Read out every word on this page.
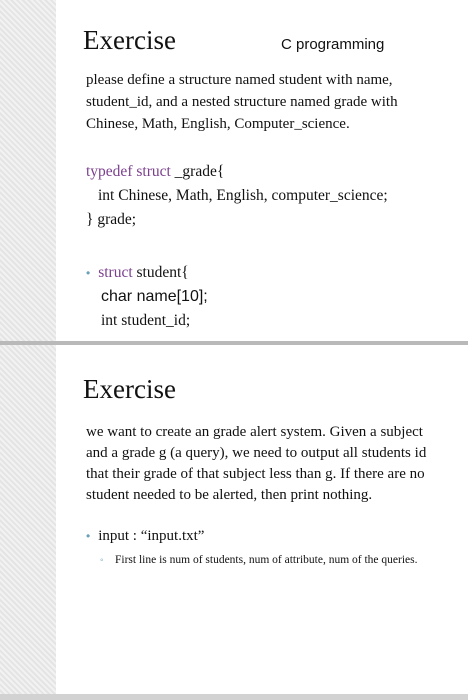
Exercise	C programming
please define a structure named student with name, student_id, and a nested structure named grade with Chinese, Math, English, Computer_science.
typedef struct _grade{
int Chinese, Math, English, computer_science;
} grade;
• struct student{
char name[10];
int student_id;
Exercise
we want to create an grade alert system. Given a subject and a grade g (a query), we need to output all students id that their grade of that subject less than g. If there are no student needed to be alerted, then print nothing.
• input : “input.txt”
◦ First line is num of students, num of attribute, num of the queries.
